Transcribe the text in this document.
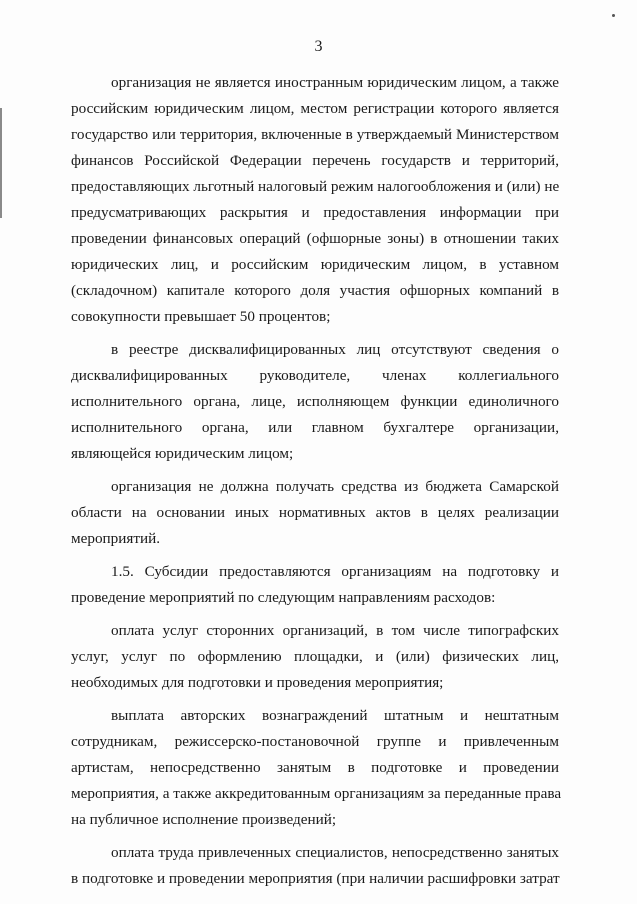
3
организация не является иностранным юридическим лицом, а также
российским юридическим лицом, местом регистрации которого является
государство или территория, включенные в утверждаемый Министерством
финансов Российской Федерации перечень государств и территорий,
предоставляющих льготный налоговый режим налогообложения и (или) не
предусматривающих раскрытия и предоставления информации при
проведении финансовых операций (офшорные зоны) в отношении таких
юридических лиц, и российским юридическим лицом, в уставном
(складочном) капитале которого доля участия офшорных компаний в
совокупности превышает 50 процентов;
в реестре дисквалифицированных лиц отсутствуют сведения о
дисквалифицированных руководителе, членах коллегиального
исполнительного органа, лице, исполняющем функции единоличного
исполнительного органа, или главном бухгалтере организации,
являющейся юридическим лицом;
организация не должна получать средства из бюджета Самарской
области на основании иных нормативных актов в целях реализации
мероприятий.
1.5. Субсидии предоставляются организациям на подготовку и
проведение мероприятий по следующим направлениям расходов:
оплата услуг сторонних организаций, в том числе типографских
услуг, услуг по оформлению площадки, и (или) физических лиц,
необходимых для подготовки и проведения мероприятия;
выплата авторских вознаграждений штатным и нештатным
сотрудникам, режиссерско-постановочной группе и привлеченным
артистам, непосредственно занятым в подготовке и проведении
мероприятия, а также аккредитованным организациям за переданные права
на публичное исполнение произведений;
оплата труда привлеченных специалистов, непосредственно занятых
в подготовке и проведении мероприятия (при наличии расшифровки затрат
